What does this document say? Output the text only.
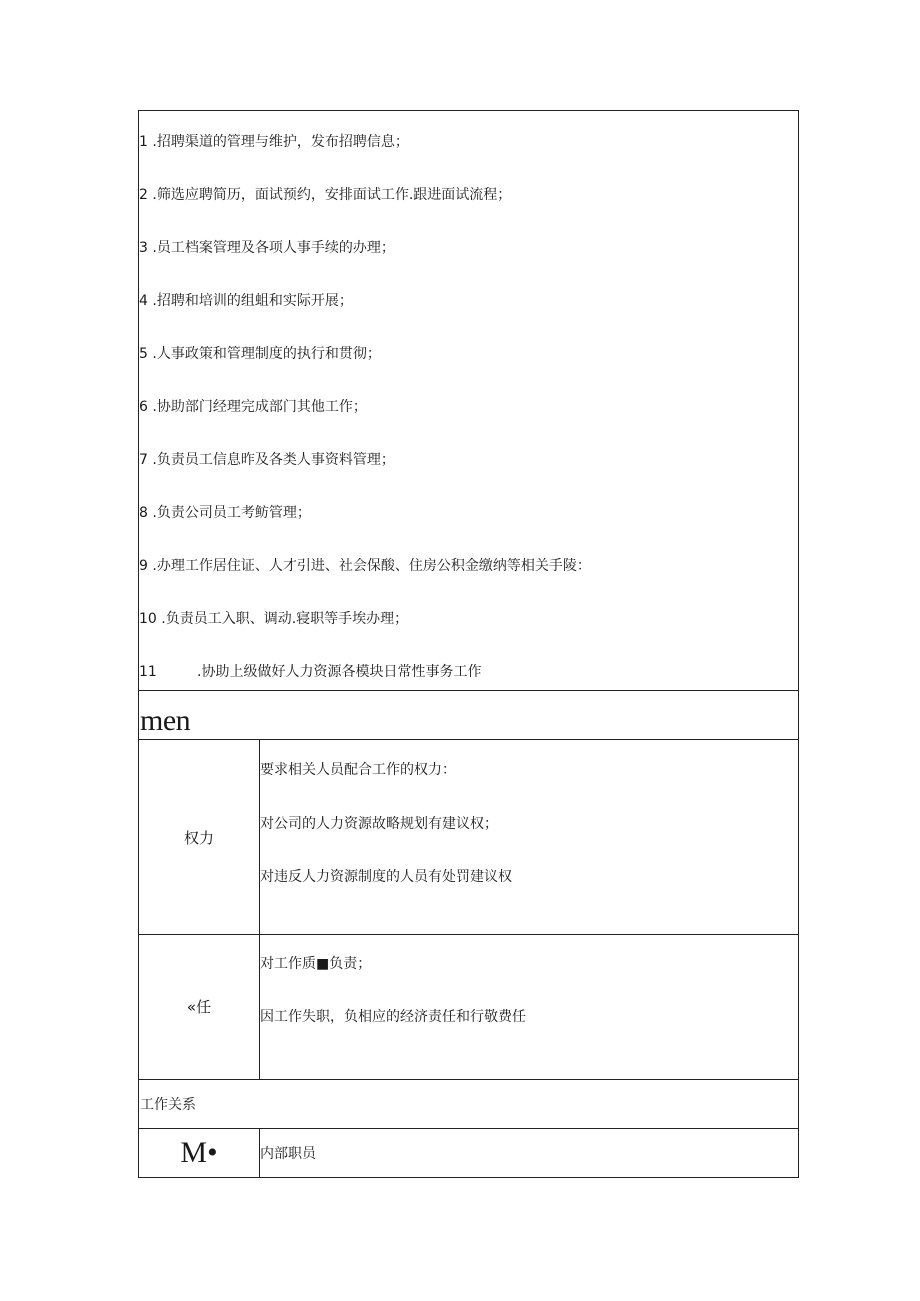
1 .招聘渠道的管理与维护，发布招聘信息；
2 .筛选应聘简历，面试预约，安排面试工作.跟进面试流程；
3 .员工档案管理及各项人事手续的办理；
4 .招聘和培训的组蛆和实际开展；
5 .人事政策和管理制度的执行和贯彻；
6 .协助部门经理完成部门其他工作；
7 .负责员工信息昨及各类人事资料管理；
8 .负责公司员工考鲂管理；
9 .办理工作居住证、人才引进、社会保酸、住房公积金缴纳等相关手陵：
10 .负责员工入职、调动.寝职等手埃办理；
11	.协助上级做好人力资源各模块日常性事务工作
men
权力
要求相关人员配合工作的权力：
对公司的人力资源故略规划有建议权；
对违反人力资源制度的人员有处罚建议权
«任
对工作质■负责；
因工作失职，负相应的经济责任和行敬费任
工作关系
M•	内部职员
